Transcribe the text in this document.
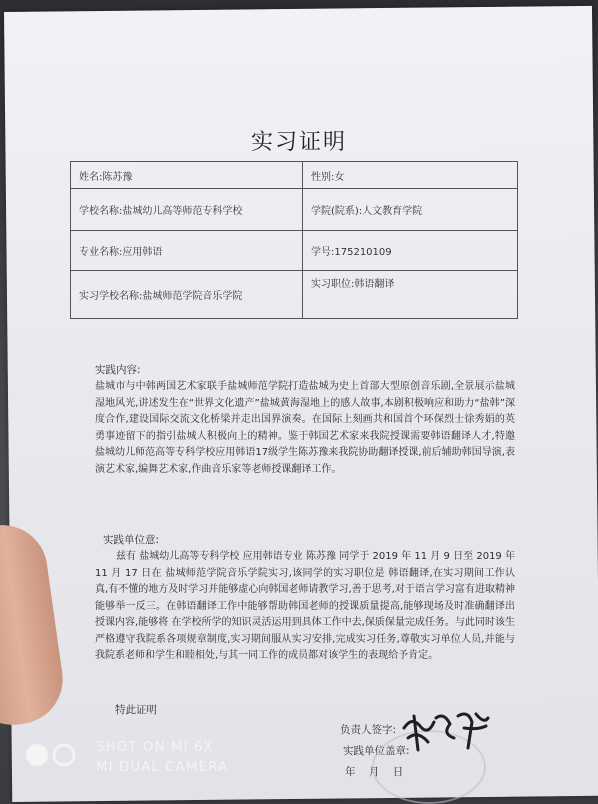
实习证明
姓名:陈苏豫	性别:女
学校名称:盐城幼儿高等师范专科学校	学院(院系):人文教育学院
专业名称:应用韩语	学号:175210109
实习学校名称:盐城师范学院音乐学院	实习职位:韩语翻译
实践内容:
盐城市与中韩两国艺术家联手盐城师范学院打造盐城为史上首部大型原创音乐剧,全景展示盐城湿地风光,讲述发生在“世界文化遗产”盐城黄海湿地上的感人故事,本剧积极响应和助力“盐韩”深度合作,建设国际交流文化桥梁并走出国界演奏。在国际上刻画共和国首个环保烈士徐秀娟的英勇事迹留下的指引盐城人积极向上的精神。鉴于韩国艺术家来我院授课需要韩语翻译人才,特邀盐城幼儿师范高等专科学校应用韩语17级学生陈苏豫来我院协助翻译授课,前后辅助韩国导演,表演艺术家,编舞艺术家,作曲音乐家等老师授课翻译工作。
实践单位意:
兹有 盐城幼儿高等专科学校 应用韩语专业 陈苏豫 同学于 2019 年 11 月 9 日至 2019 年 11 月 17 日在 盐城师范学院音乐学院实习,该同学的实习职位是 韩语翻译,在实习期间工作认真,有不懂的地方及时学习并能够虚心向韩国老师请教学习,善于思考,对于语言学习富有进取精神能够举一反三。在韩语翻译工作中能够帮助韩国老师的授课质量提高,能够现场及时准确翻译出授课内容,能够将 在学校所学的知识灵活运用到具体工作中去,保质保量完成任务。与此同时该生严格遵守我院系各项规章制度,实习期间服从实习安排,完成实习任务,尊敬实习单位人员,并能与我院系老师和学生和睦相处,与其一同工作的成员都对该学生的表现给予肯定。
特此证明
负责人签字:
实践单位盖章:
年    月    日
SHOT ON MI 6X
MI DUAL CAMERA
